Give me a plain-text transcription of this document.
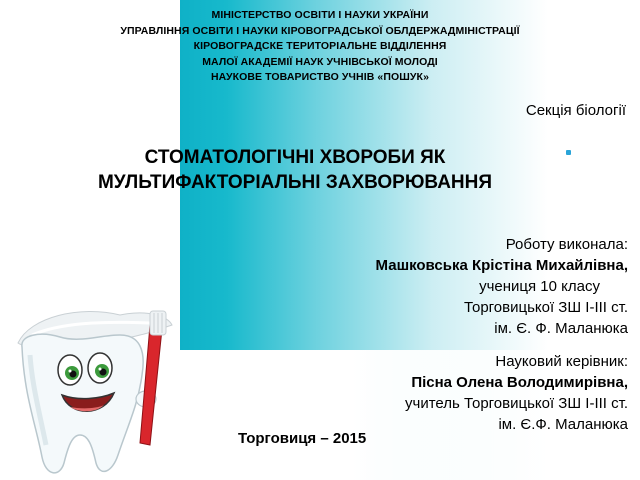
МІНІСТЕРСТВО ОСВІТИ І НАУКИ УКРАЇНИ
УПРАВЛІННЯ ОСВІТИ І НАУКИ КІРОВОГРАДСЬКОЇ ОБЛДЕРЖАДМІНІСТРАЦІЇ
КІРОВОГРАДСКЕ ТЕРИТОРІАЛЬНЕ ВІДДІЛЕННЯ
МАЛОЇ АКАДЕМІЇ НАУК УЧНІВСЬКОЇ МОЛОДІ
НАУКОВЕ ТОВАРИСТВО УЧНІВ «ПОШУК»
Секція біології
СТОМАТОЛОГІЧНІ ХВОРОБИ ЯК
МУЛЬТИФАКТОРІАЛЬНІ ЗАХВОРЮВАННЯ
Роботу виконала:
Машковська Крістіна Михайлівна,
учениця 10 класу
Торговицької ЗШ І-ІІІ ст.
ім. Є. Ф. Маланюка
Науковий керівник:
Пісна Олена Володимирівна,
учитель Торговицької ЗШ І-ІІІ ст.
ім. Є.Ф. Маланюка
Торговиця – 2015
